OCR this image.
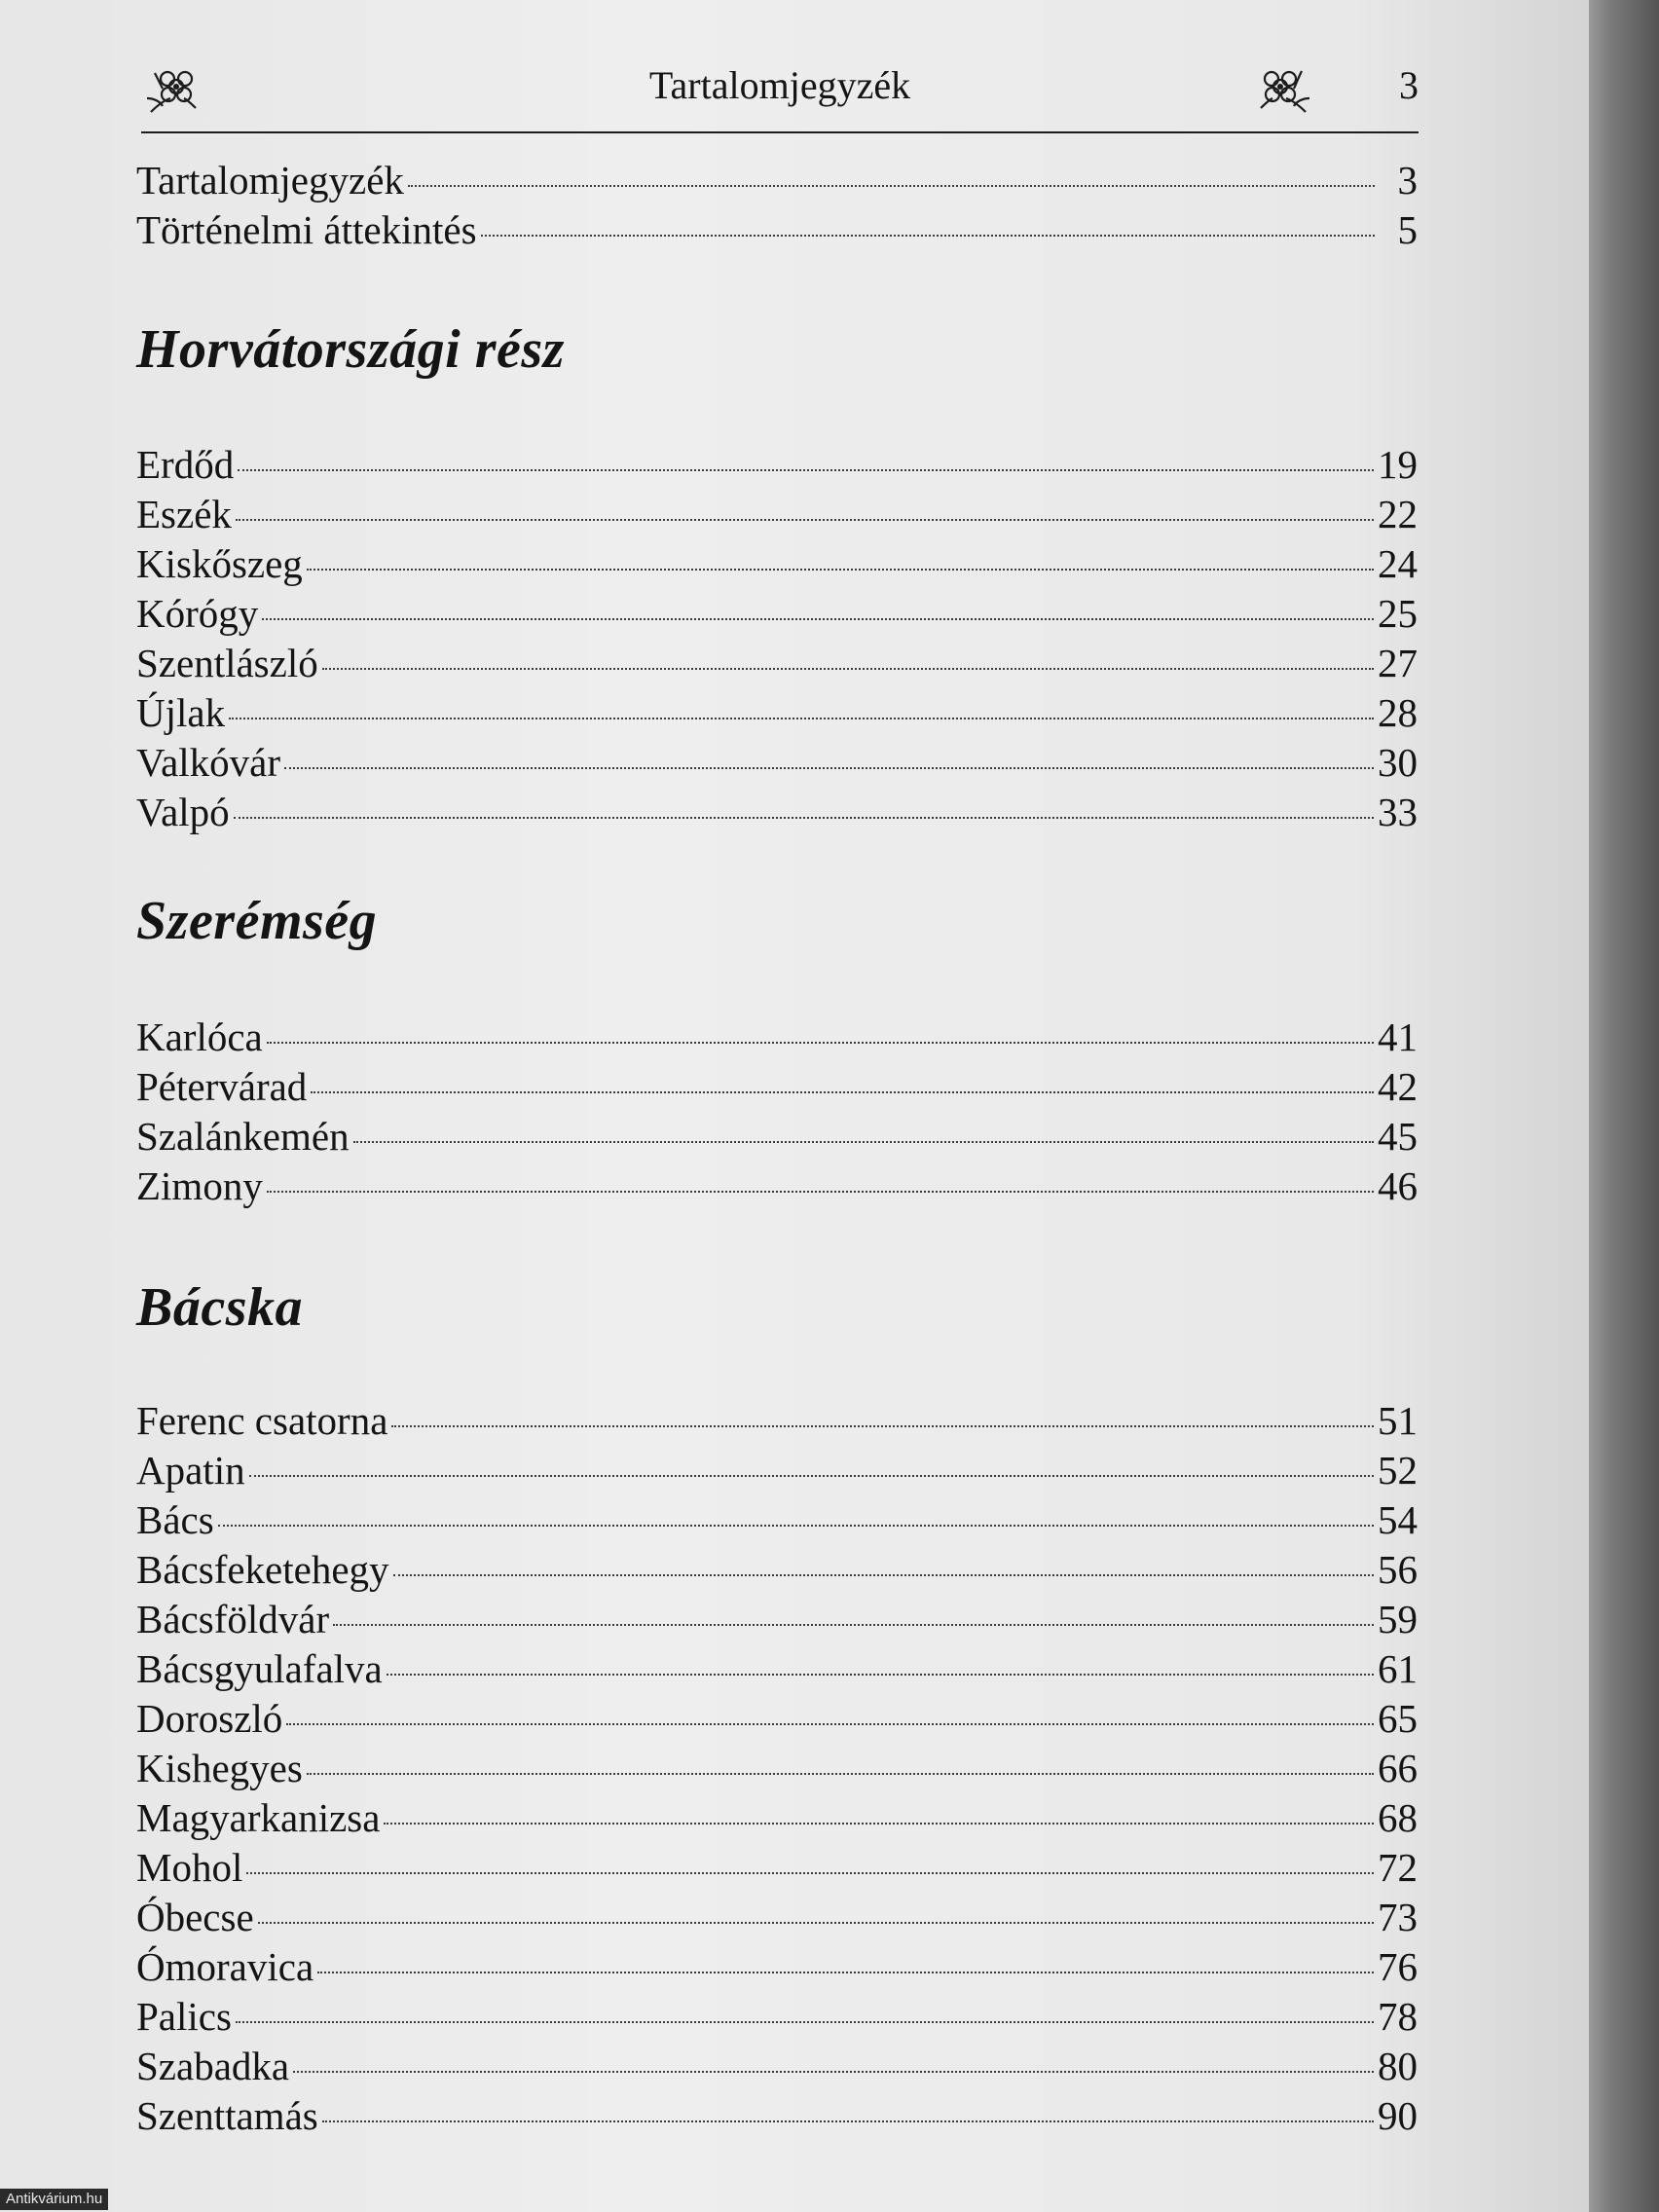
Tartalomjegyzék	3
Tartalomjegyzék	3
Történelmi áttekintés	5
Horvátországi rész
Erdőd	19
Eszék	22
Kiskőszeg	24
Kórógy	25
Szentlászló	27
Újlak	28
Valkóvár	30
Valpó	33
Szerémség
Karlóca	41
Pétervárad	42
Szalánkemén	45
Zimony	46
Bácska
Ferenc csatorna	51
Apatin	52
Bács	54
Bácsfeketehegy	56
Bácsföldvár	59
Bácsgyulafalva	61
Doroszló	65
Kishegyes	66
Magyarkanizsa	68
Mohol	72
Óbecse	73
Ómoravica	76
Palics	78
Szabadka	80
Szenttamás	90
Antikvárium.hu
